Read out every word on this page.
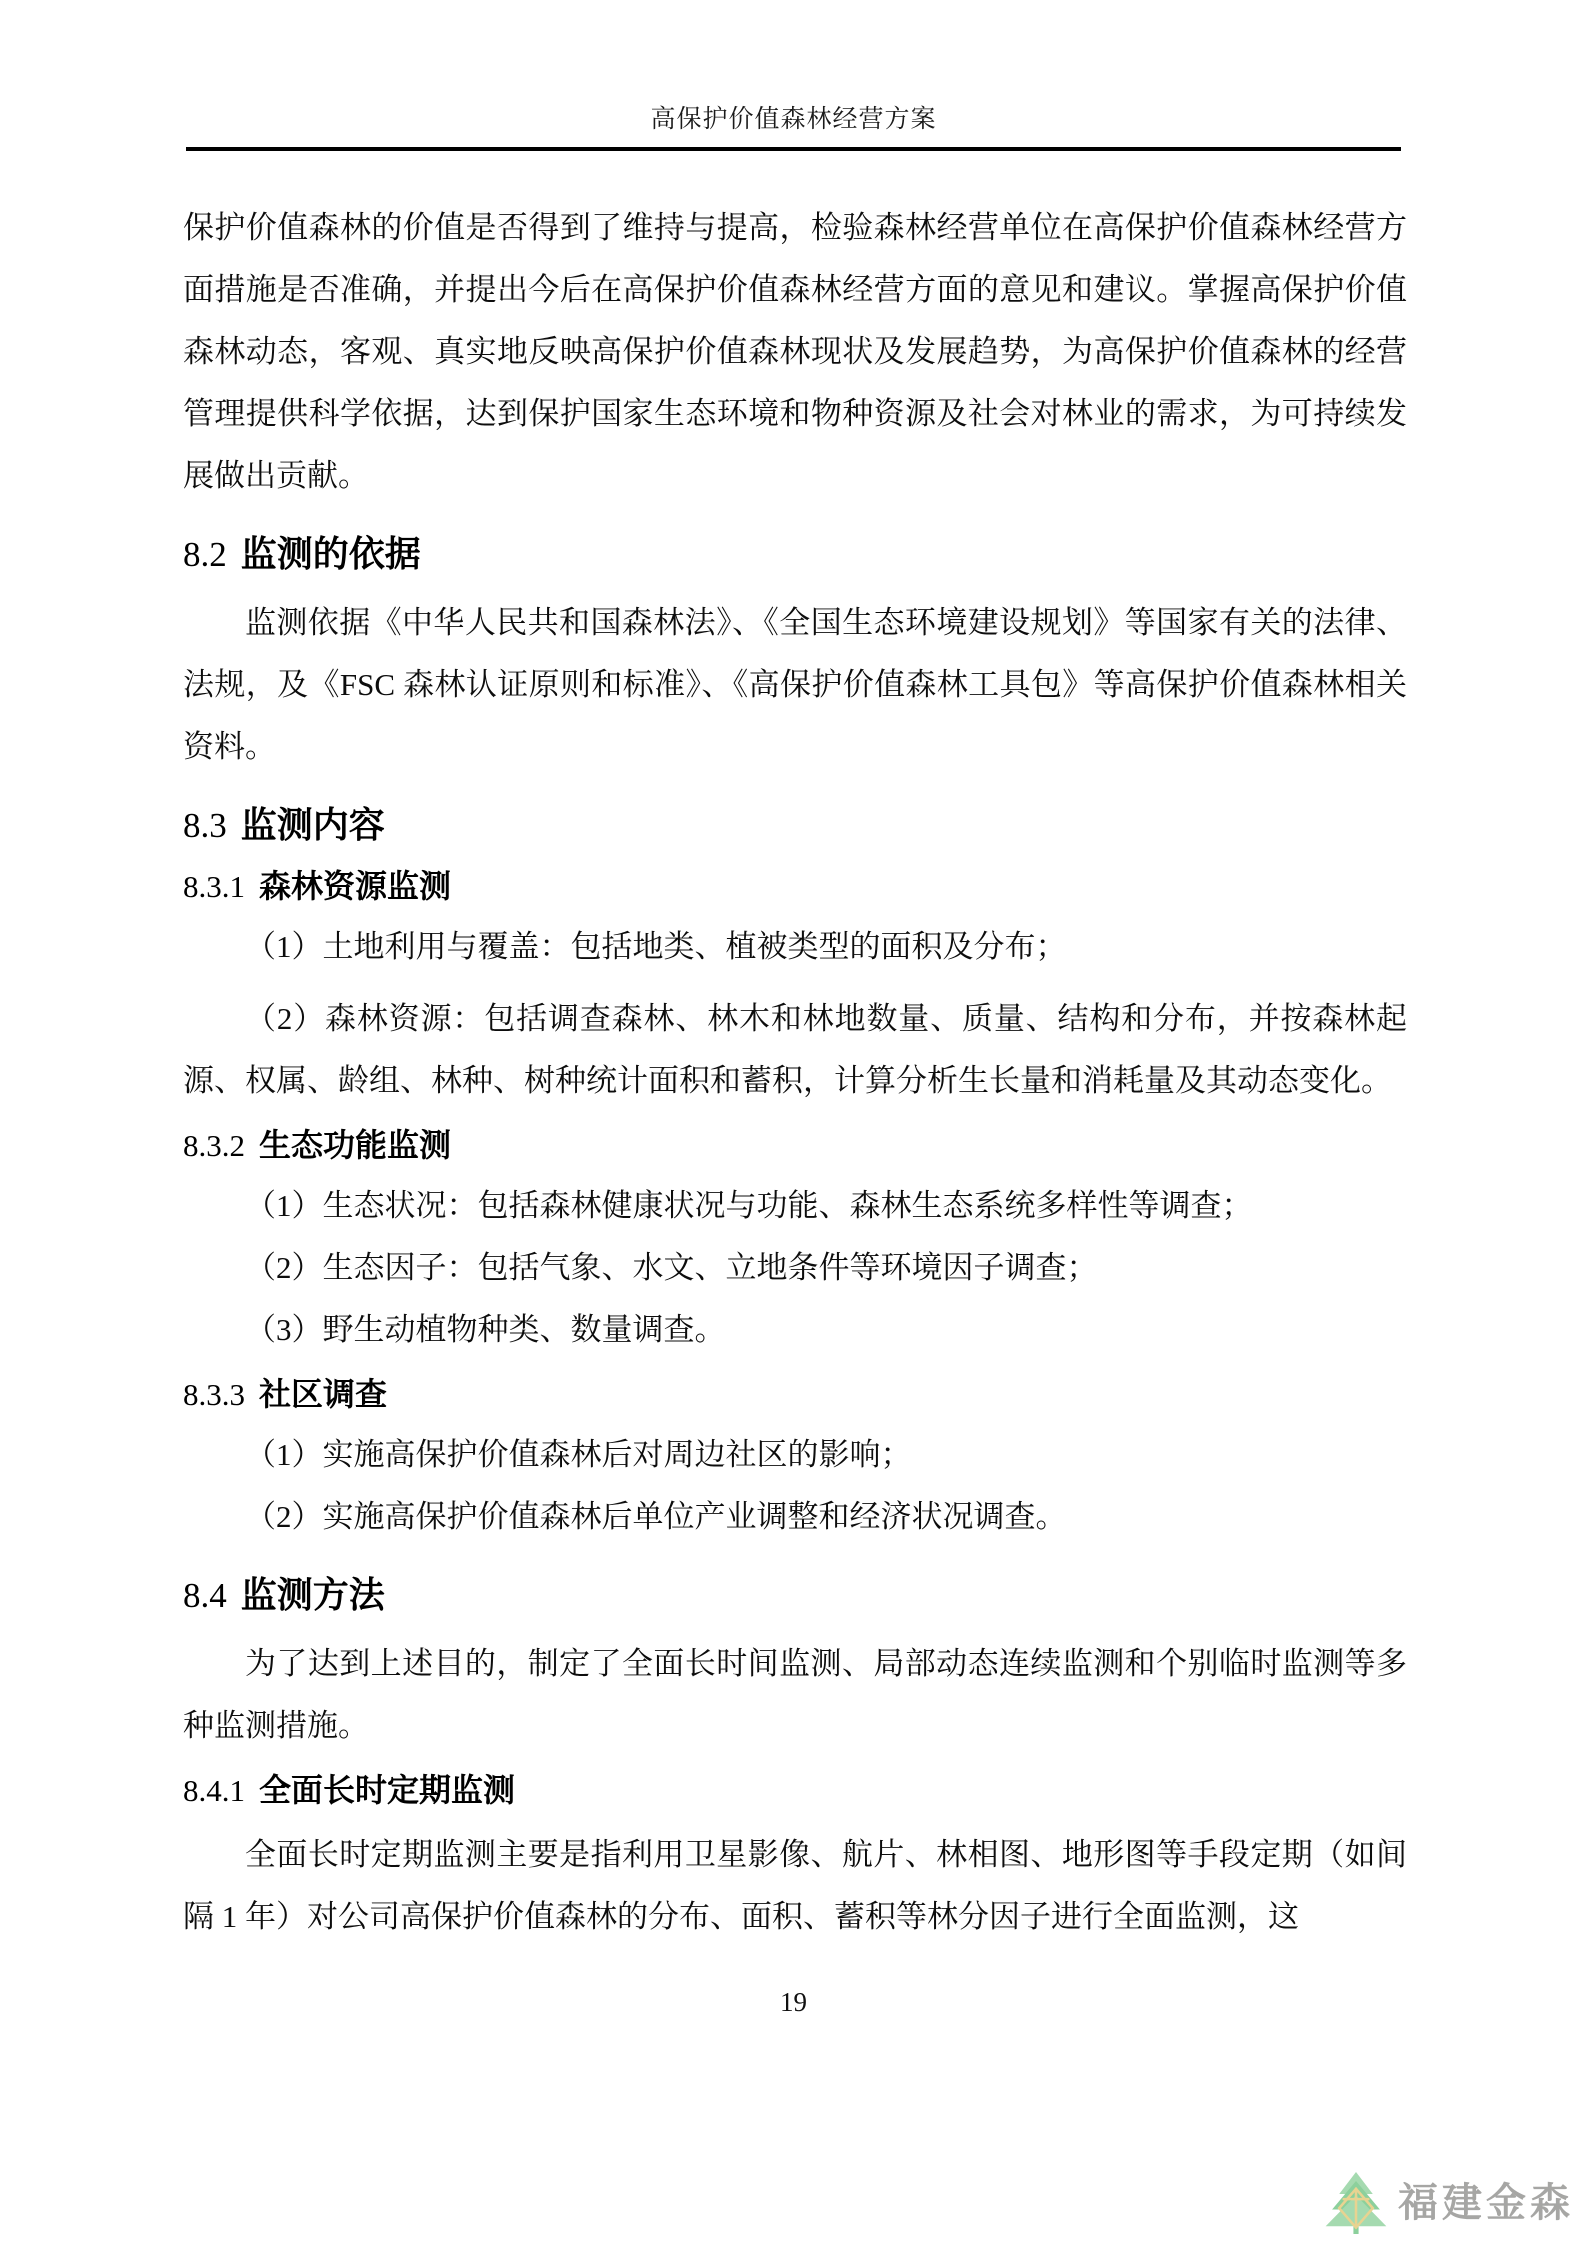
高保护价值森林经营方案
保护价值森林的价值是否得到了维持与提高，检验森林经营单位在高保护价值森林经营方面措施是否准确，并提出今后在高保护价值森林经营方面的意见和建议。掌握高保护价值森林动态，客观、真实地反映高保护价值森林现状及发展趋势，为高保护价值森林的经营管理提供科学依据，达到保护国家生态环境和物种资源及社会对林业的需求，为可持续发展做出贡献。
8.2 监测的依据
监测依据《中华人民共和国森林法》、《全国生态环境建设规划》等国家有关的法律、法规，及《FSC 森林认证原则和标准》、《高保护价值森林工具包》等高保护价值森林相关资料。
8.3 监测内容
8.3.1 森林资源监测
（1）土地利用与覆盖：包括地类、植被类型的面积及分布；
（2）森林资源：包括调查森林、林木和林地数量、质量、结构和分布，并按森林起源、权属、龄组、林种、树种统计面积和蓄积，计算分析生长量和消耗量及其动态变化。
8.3.2 生态功能监测
（1）生态状况：包括森林健康状况与功能、森林生态系统多样性等调查；
（2）生态因子：包括气象、水文、立地条件等环境因子调查；
（3）野生动植物种类、数量调查。
8.3.3 社区调查
（1）实施高保护价值森林后对周边社区的影响；
（2）实施高保护价值森林后单位产业调整和经济状况调查。
8.4 监测方法
为了达到上述目的，制定了全面长时间监测、局部动态连续监测和个别临时监测等多种监测措施。
8.4.1 全面长时定期监测
全面长时定期监测主要是指利用卫星影像、航片、林相图、地形图等手段定期（如间隔 1 年）对公司高保护价值森林的分布、面积、蓄积等林分因子进行全面监测，这
19
福建金森
